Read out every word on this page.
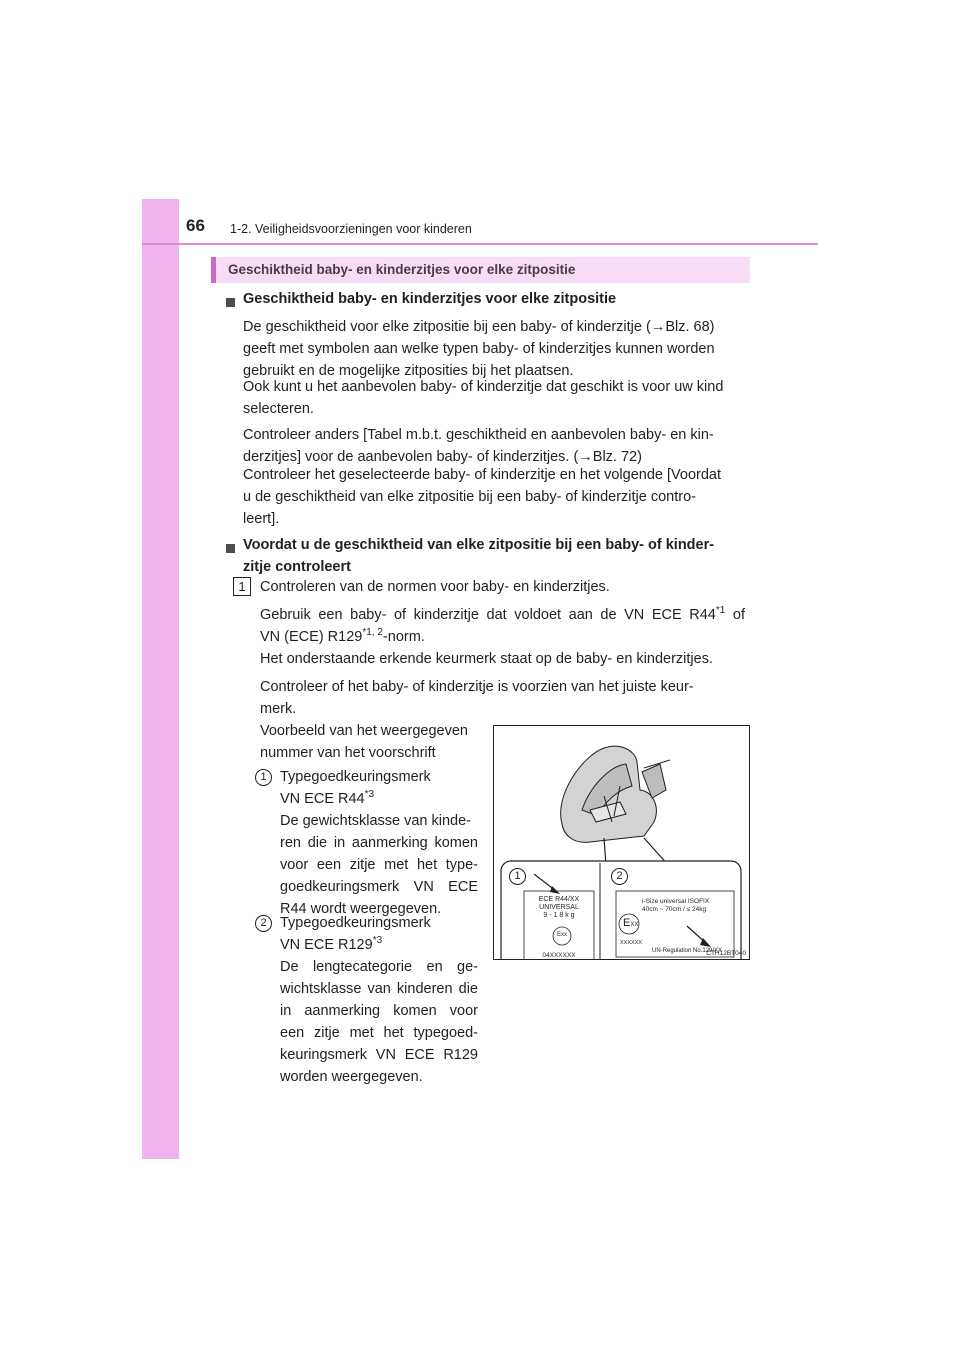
66 1-2. Veiligheidsvoorzieningen voor kinderen
Geschiktheid baby- en kinderzitjes voor elke zitpositie
Geschiktheid baby- en kinderzitjes voor elke zitpositie
De geschiktheid voor elke zitpositie bij een baby- of kinderzitje (→Blz. 68)
geeft met symbolen aan welke typen baby- of kinderzitjes kunnen worden
gebruikt en de mogelijke zitposities bij het plaatsen.
Ook kunt u het aanbevolen baby- of kinderzitje dat geschikt is voor uw kind
selecteren.
Controleer anders [Tabel m.b.t. geschiktheid en aanbevolen baby- en kin-
derzitjes] voor de aanbevolen baby- of kinderzitjes. (→Blz. 72)
Controleer het geselecteerde baby- of kinderzitje en het volgende [Voordat
u de geschiktheid van elke zitpositie bij een baby- of kinderzitje contro-
leert].
Voordat u de geschiktheid van elke zitpositie bij een baby- of kinder-
zitje controleert
1 Controleren van de normen voor baby- en kinderzitjes.
Gebruik een baby- of kinderzitje dat voldoet aan de VN ECE R44$^{*1}$ of
VN (ECE) R129$^{*1, 2}$-norm.
Het onderstaande erkende keurmerk staat op de baby- en kinderzitjes.
Controleer of het baby- of kinderzitje is voorzien van het juiste keur-
merk.
Voorbeeld van het weergegeven
nummer van het voorschrift
1 Typegoedkeuringsmerk
VN ECE R44$^{*3}$
De gewichtsklasse van kinde-
ren die in aanmerking komen
voor een zitje met het type-
goedkeuringsmerk VN ECE
R44 wordt weergegeven.
2 Typegoedkeuringsmerk
VN ECE R129$^{*3}$
De lengtecategorie en ge-
wichtsklasse van kinderen die
in aanmerking komen voor
een zitje met het typegoed-
keuringsmerk VN ECE R129
worden weergegeven.
1	2
ECE R44/XX
UNIVERSAL
9 - 1 8 k g
Exx
04XXXXXX
i-Size universal ISOFIX
40cm ~ 70cm / ≤ 24kg
EXX
XXXXXX
UN-Regulation No.129/XX
CTH12BT040
